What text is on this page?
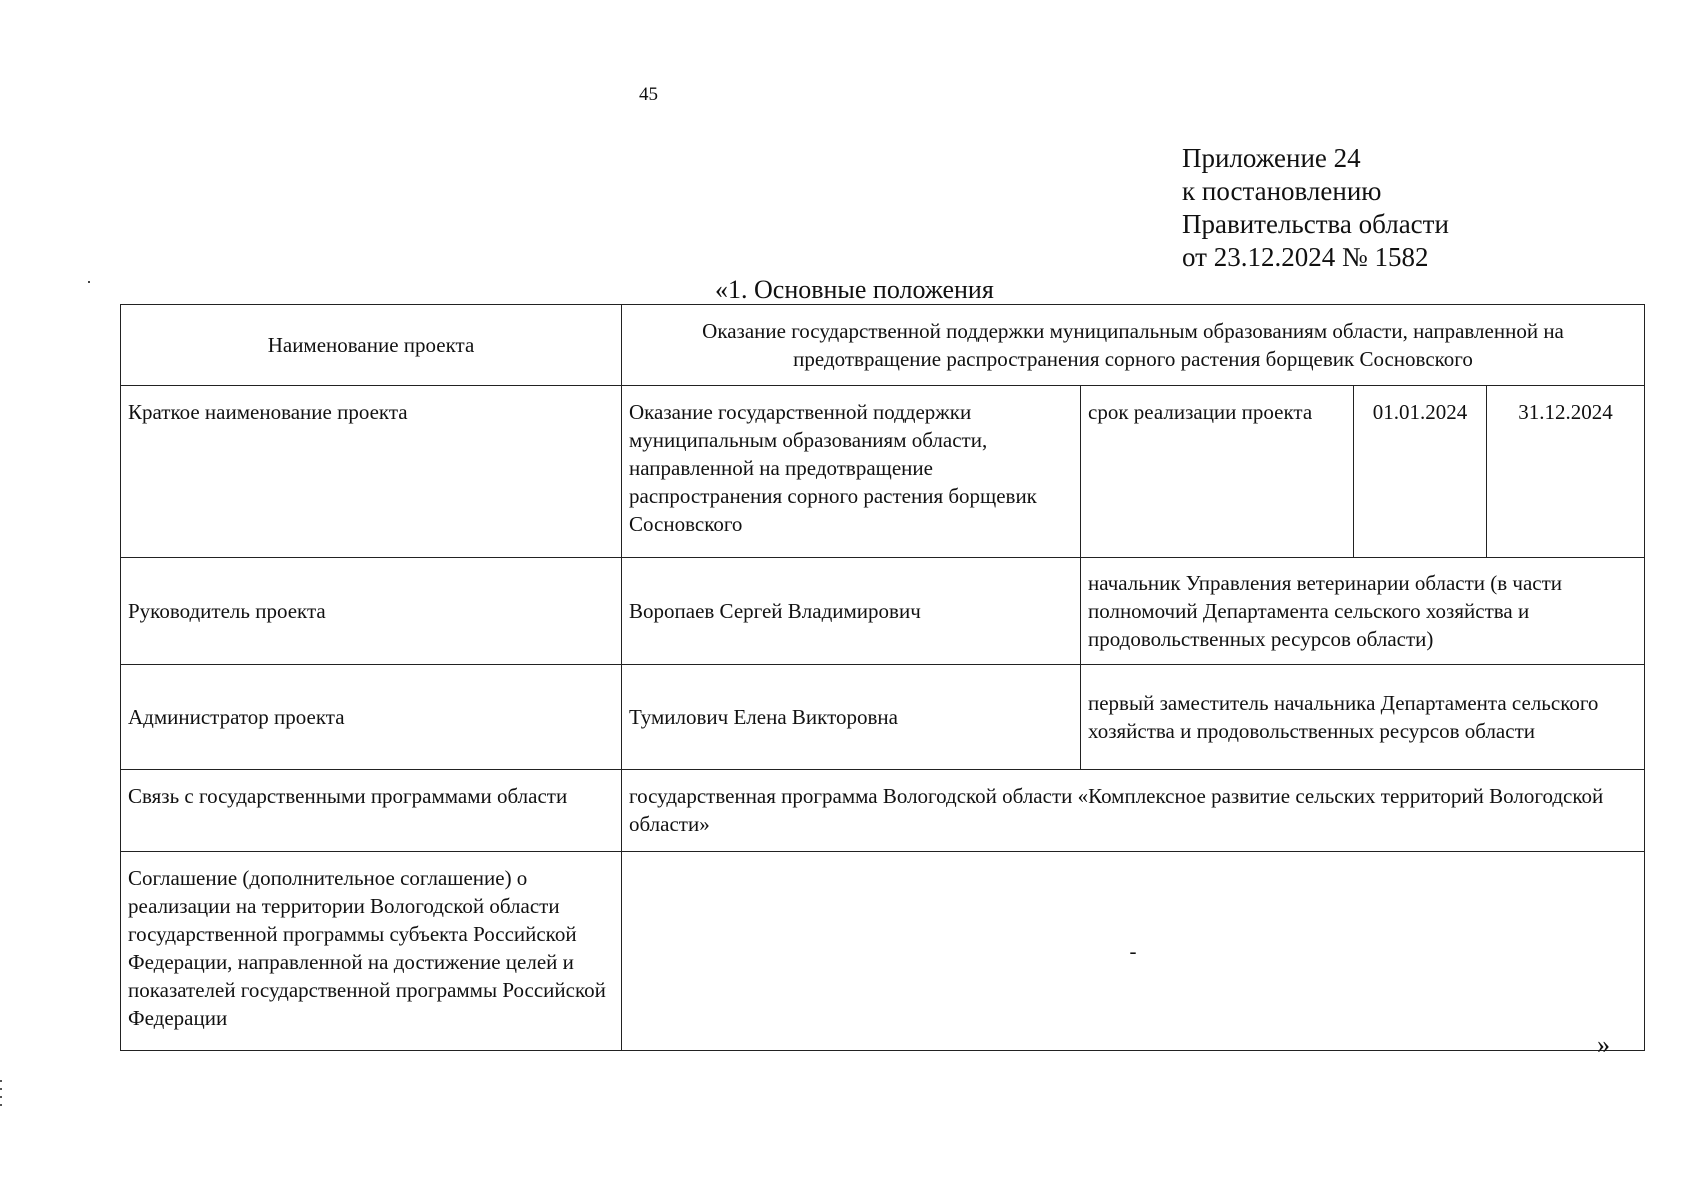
45
Приложение 24
к постановлению
Правительства области
от 23.12.2024 № 1582
«1. Основные положения
Наименование проекта	Оказание государственной поддержки муниципальным образованиям области, направленной на предотвращение распространения сорного растения борщевик Сосновского			
Краткое наименование проекта	Оказание государственной поддержки муниципальным образованиям области, направленной на предотвращение распространения сорного растения борщевик Сосновского	срок реализации проекта	01.01.2024	31.12.2024
Руководитель проекта	Воропаев Сергей Владимирович	начальник Управления ветеринарии области (в части полномочий Департамента сельского хозяйства и продовольственных ресурсов области)		
Администратор проекта	Тумилович Елена Викторовна	первый заместитель начальника Департамента сельского хозяйства и продовольственных ресурсов области		
Связь с государственными программами области	государственная программа Вологодской области «Комплексное развитие сельских территорий Вологодской области»			
Соглашение (дополнительное соглашение) о реализации на территории Вологодской области государственной программы субъекта Российской Федерации, направленной на достижение целей и показателей государственной программы Российской Федерации	-			
»
